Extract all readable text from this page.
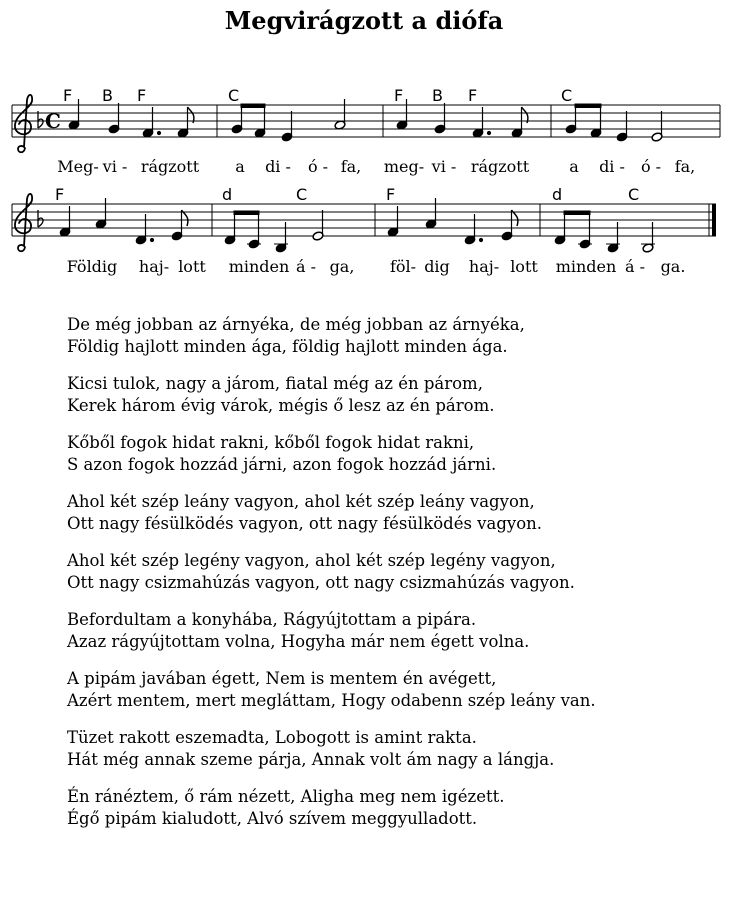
Megvirágzott a diófa
C
F B F	C	F B F	C
Meg- vi - rágzott a di - ó - fa, meg- vi - rágzott	a di - ó - fa,
F	d	C	F	d	C
Földig haj- lott minden á - ga, föl- dig haj- lott minden á - ga.
De még jobban az árnyéka, de még jobban az árnyéka,
Földig hajlott minden ága, földig hajlott minden ága.
Kicsi tulok, nagy a járom, fiatal még az én párom,
Kerek három évig várok, mégis ő lesz az én párom.
Kőből fogok hidat rakni, kőből fogok hidat rakni,
S azon fogok hozzád járni, azon fogok hozzád járni.
Ahol két szép leány vagyon, ahol két szép leány vagyon,
Ott nagy fésülködés vagyon, ott nagy fésülködés vagyon.
Ahol két szép legény vagyon, ahol két szép legény vagyon,
Ott nagy csizmahúzás vagyon, ott nagy csizmahúzás vagyon.
Befordultam a konyhába, Rágyújtottam a pipára.
Azaz rágyújtottam volna, Hogyha már nem égett volna.
A pipám javában égett, Nem is mentem én avégett,
Azért mentem, mert megláttam, Hogy odabenn szép leány van.
Tüzet rakott eszemadta, Lobogott is amint rakta.
Hát még annak szeme párja, Annak volt ám nagy a lángja.
Én ránéztem, ő rám nézett, Aligha meg nem igézett.
Égő pipám kialudott, Alvó szívem meggyulladott.
